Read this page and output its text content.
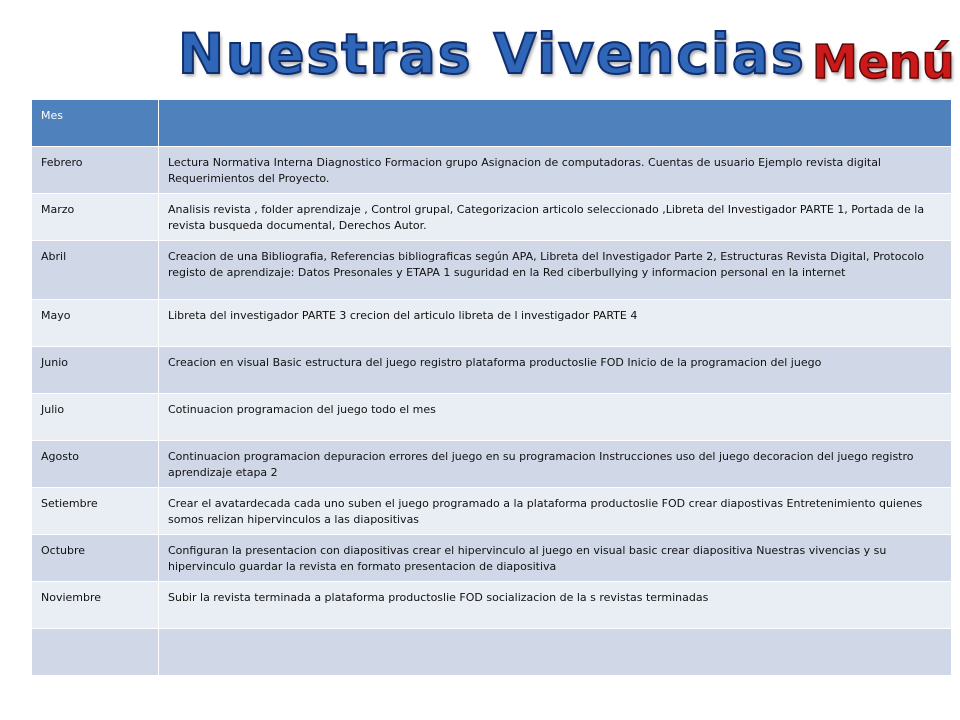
Nuestras Vivencias Menú
Mes	
Febrero	Lectura Normativa Interna Diagnostico Formacion grupo Asignacion de computadoras. Cuentas de usuario Ejemplo revista digital Requerimientos del Proyecto.
Marzo	Analisis revista , folder aprendizaje , Control grupal, Categorizacion articolo seleccionado ,Libreta del Investigador PARTE 1, Portada de la revista busqueda documental, Derechos Autor.
Abril	Creacion de una Bibliografia, Referencias bibliograficas según APA, Libreta del Investigador Parte 2, Estructuras Revista Digital, Protocolo registo de aprendizaje: Datos Presonales y ETAPA 1 suguridad en la Red ciberbullying y informacion personal en la internet
Mayo	Libreta del investigador PARTE 3 crecion del articulo libreta de l investigador PARTE 4
Junio	Creacion en visual Basic estructura del juego registro plataforma productoslie FOD Inicio de la programacion del juego
Julio	Cotinuacion programacion del juego todo el mes
Agosto	Continuacion programacion depuracion errores del juego en su programacion Instrucciones uso del juego decoracion del juego registro aprendizaje etapa 2
Setiembre	Crear el avatardecada cada uno suben el juego programado a la plataforma productoslie FOD crear diapostivas Entretenimiento quienes somos relizan hipervinculos a las diapositivas
Octubre	Configuran la presentacion con diapositivas crear el hipervinculo al juego en visual basic crear diapositiva Nuestras vivencias y su hipervinculo guardar la revista en formato presentacion de diapositiva
Noviembre	Subir la revista terminada a plataforma productoslie FOD socializacion de la s revistas terminadas
